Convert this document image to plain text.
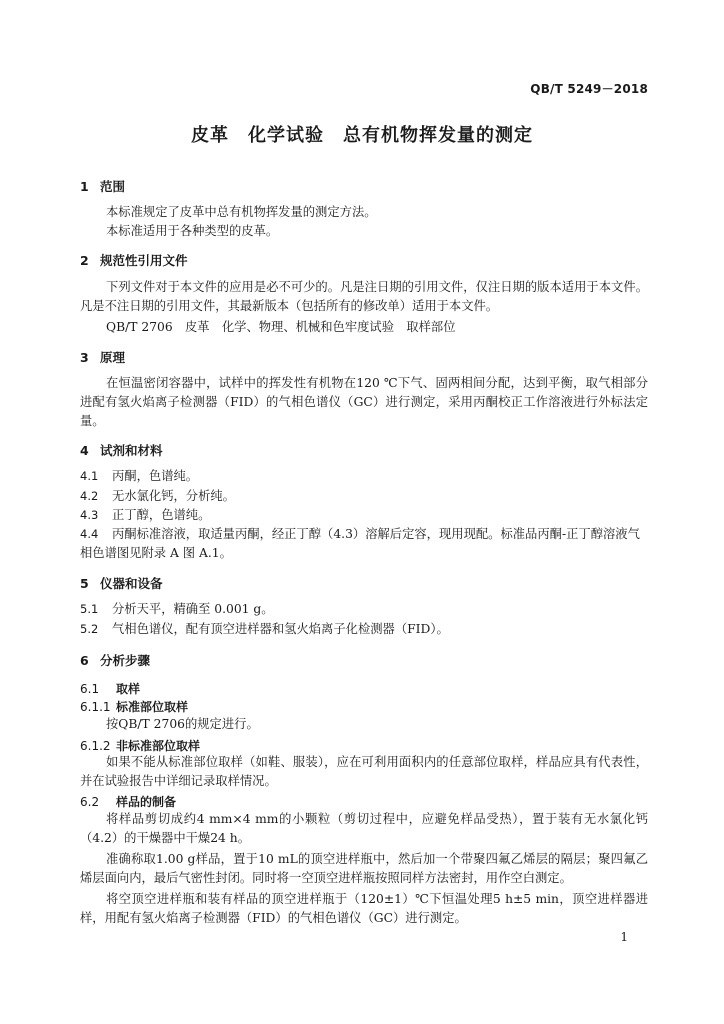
QB/T 5249－2018
皮革　化学试验　总有机物挥发量的测定
1 范围
本标准规定了皮革中总有机物挥发量的测定方法。
本标准适用于各种类型的皮革。
2 规范性引用文件
下列文件对于本文件的应用是必不可少的。凡是注日期的引用文件，仅注日期的版本适用于本文件。凡是不注日期的引用文件，其最新版本（包括所有的修改单）适用于本文件。
QB/T 2706　皮革　化学、物理、机械和色牢度试验　取样部位
3 原理
在恒温密闭容器中，试样中的挥发性有机物在120 ℃下气、固两相间分配，达到平衡，取气相部分进配有氢火焰离子检测器（FID）的气相色谱仪（GC）进行测定，采用丙酮校正工作溶液进行外标法定量。
4 试剂和材料
4.1 丙酮，色谱纯。
4.2 无水氯化钙，分析纯。
4.3 正丁醇，色谱纯。
4.4 丙酮标准溶液，取适量丙酮，经正丁醇（4.3）溶解后定容，现用现配。标准品丙酮-正丁醇溶液气相色谱图见附录 A 图 A.1。
5 仪器和设备
5.1 分析天平，精确至 0.001 g。
5.2 气相色谱仪，配有顶空进样器和氢火焰离子化检测器（FID）。
6 分析步骤
6.1 取样
6.1.1 标准部位取样
按QB/T 2706的规定进行。
6.1.2 非标准部位取样
如果不能从标准部位取样（如鞋、服装），应在可利用面积内的任意部位取样，样品应具有代表性，并在试验报告中详细记录取样情况。
6.2 样品的制备
将样品剪切成约4 mm×4 mm的小颗粒（剪切过程中，应避免样品受热），置于装有无水氯化钙（4.2）的干燥器中干燥24 h。
准确称取1.00 g样品，置于10 mL的顶空进样瓶中，然后加一个带聚四氟乙烯层的隔层；聚四氟乙烯层面向内，最后气密性封闭。同时将一空顶空进样瓶按照同样方法密封，用作空白测定。
将空顶空进样瓶和装有样品的顶空进样瓶于（120±1）℃下恒温处理5 h±5 min，顶空进样器进样，用配有氢火焰离子检测器（FID）的气相色谱仪（GC）进行测定。
1
